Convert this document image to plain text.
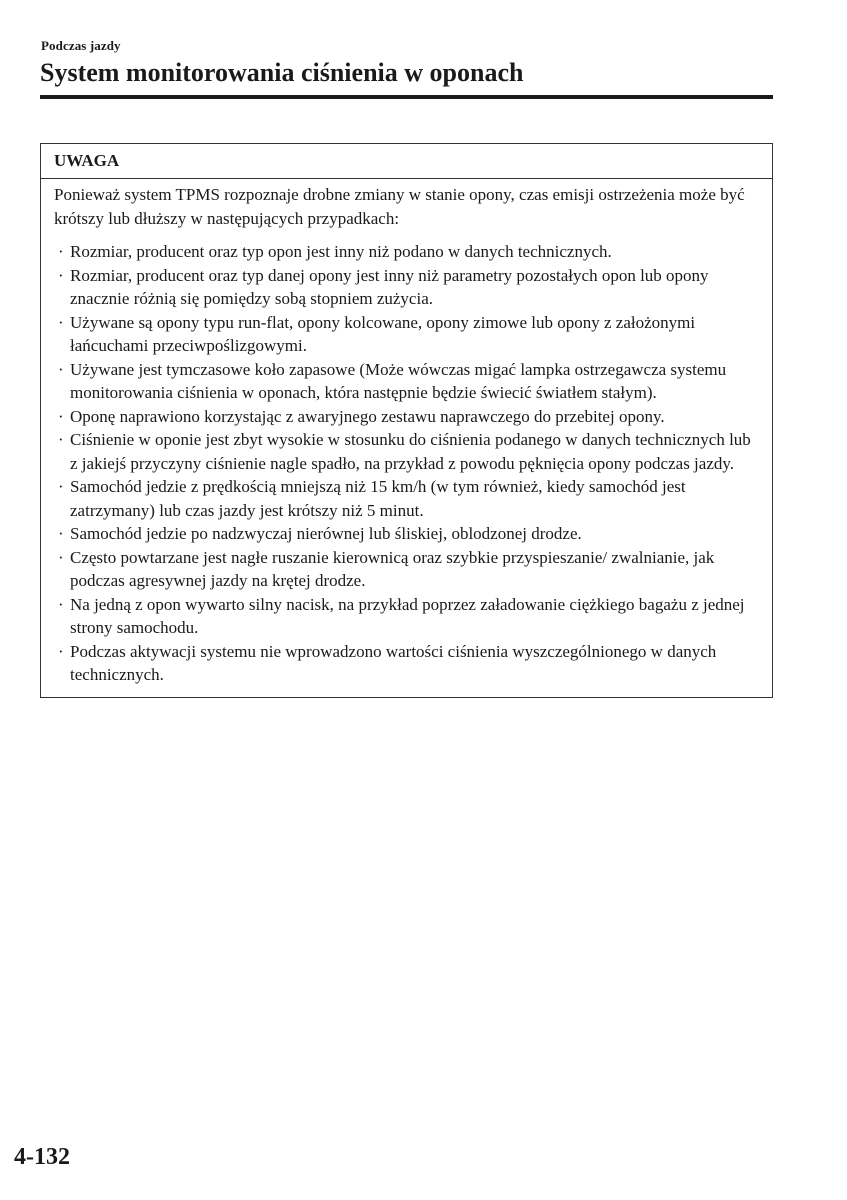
Podczas jazdy
System monitorowania ciśnienia w oponach
UWAGA

Ponieważ system TPMS rozpoznaje drobne zmiany w stanie opony, czas emisji ostrzeżenia może być krótszy lub dłuższy w następujących przypadkach:

· Rozmiar, producent oraz typ opon jest inny niż podano w danych technicznych.
· Rozmiar, producent oraz typ danej opony jest inny niż parametry pozostałych opon lub opony znacznie różnią się pomiędzy sobą stopniem zużycia.
· Używane są opony typu run-flat, opony kolcowane, opony zimowe lub opony z założonymi łańcuchami przeciwpoślizgowymi.
· Używane jest tymczasowe koło zapasowe (Może wówczas migać lampka ostrzegawcza systemu monitorowania ciśnienia w oponach, która następnie będzie świecić światłem stałym).
· Oponę naprawiono korzystając z awaryjnego zestawu naprawczego do przebitej opony.
· Ciśnienie w oponie jest zbyt wysokie w stosunku do ciśnienia podanego w danych technicznych lub z jakiejś przyczyny ciśnienie nagle spadło, na przykład z powodu pęknięcia opony podczas jazdy.
· Samochód jedzie z prędkością mniejszą niż 15 km/h (w tym również, kiedy samochód jest zatrzymany) lub czas jazdy jest krótszy niż 5 minut.
· Samochód jedzie po nadzwyczaj nierównej lub śliskiej, oblodzonej drodze.
· Często powtarzane jest nagłe ruszanie kierownicą oraz szybkie przyspieszanie/ zwalnianie, jak podczas agresywnej jazdy na krętej drodze.
· Na jedną z opon wywarto silny nacisk, na przykład poprzez załadowanie ciężkiego bagażu z jednej strony samochodu.
· Podczas aktywacji systemu nie wprowadzono wartości ciśnienia wyszczególnionego w danych technicznych.
4-132
